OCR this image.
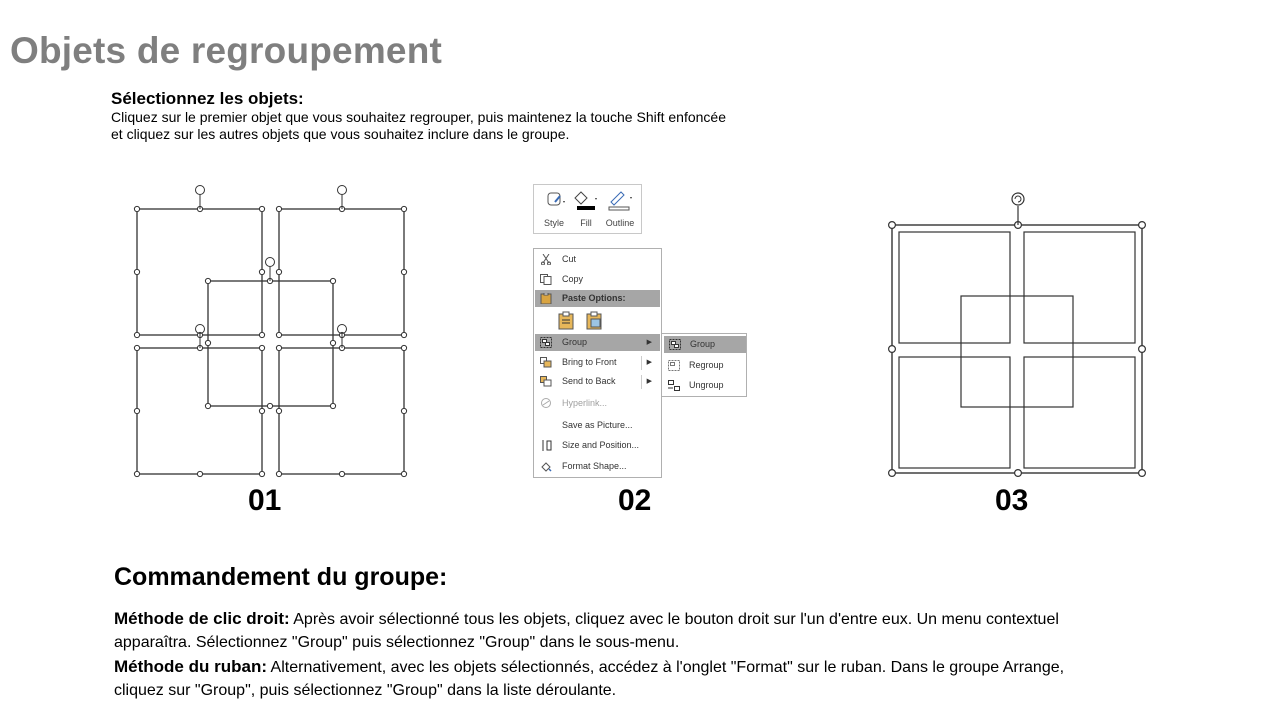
Objets de regroupement
Sélectionnez les objets:

Cliquez sur le premier objet que vous souhaitez regrouper, puis maintenez la touche Shift enfoncée et cliquez sur les autres objets que vous souhaitez inclure dans le groupe.

Style	Fill	Outline
Cut
Copy
Paste Options:
Group	▶
Bring to Front	▶
Send to Back	▶
Hyperlink...
Save as Picture...
Size and Position...
Format Shape...
Group
Regroup
Ungroup
01	02	03
Commandement du groupe:

Méthode de clic droit: Après avoir sélectionné tous les objets, cliquez avec le bouton droit sur l'un d'entre eux. Un menu contextuel apparaîtra. Sélectionnez "Group" puis sélectionnez "Group" dans le sous-menu.

Méthode du ruban: Alternativement, avec les objets sélectionnés, accédez à l'onglet "Format" sur le ruban. Dans le groupe Arrange, cliquez sur "Group", puis sélectionnez "Group" dans la liste déroulante.
